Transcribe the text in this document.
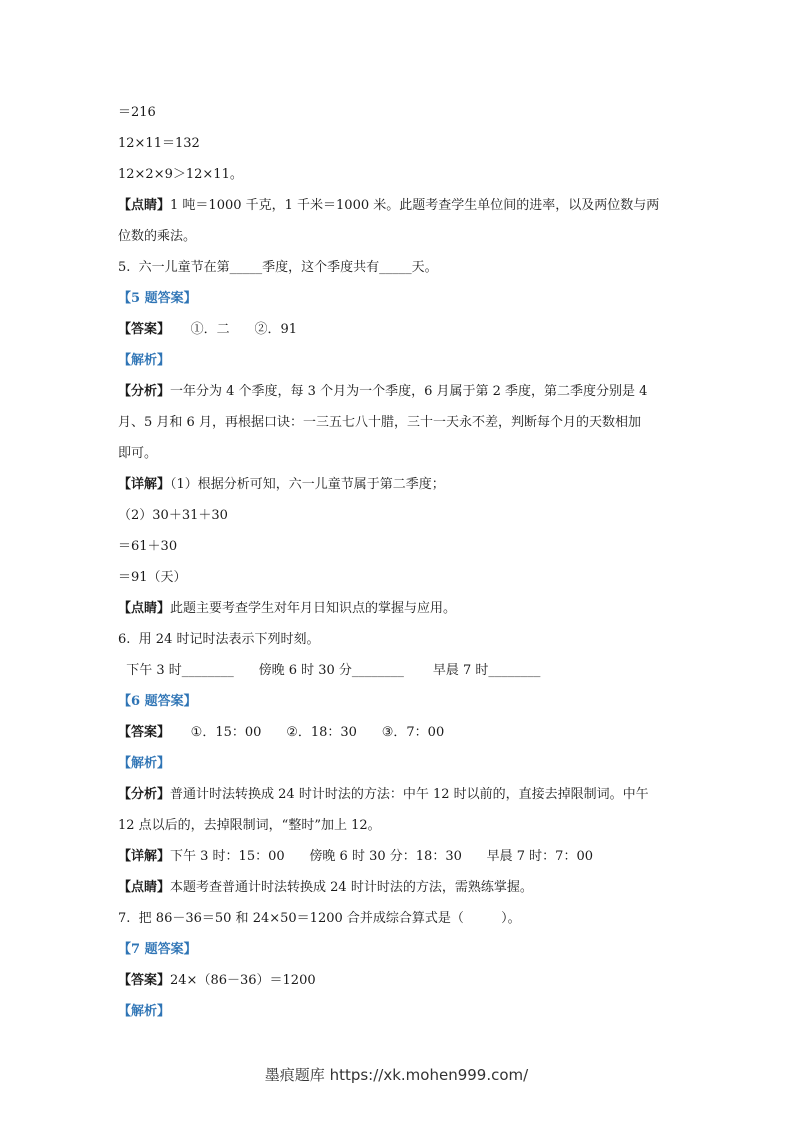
＝216
12×11＝132
12×2×9＞12×11。
【点睛】1 吨＝1000 千克，1 千米＝1000 米。此题考查学生单位间的进率，以及两位数与两
位数的乘法。
5.  六一儿童节在第_____季度，这个季度共有_____天。
【5 题答案】
【答案】     ①．二      ②．91
【解析】
【分析】一年分为 4 个季度，每 3 个月为一个季度，6 月属于第 2 季度，第二季度分别是 4
月、5 月和 6 月，再根据口诀：一三五七八十腊，三十一天永不差，判断每个月的天数相加
即可。
【详解】（1）根据分析可知，六一儿童节属于第二季度；
（2）30＋31＋30
＝61＋30
＝91（天）
【点睛】此题主要考查学生对年月日知识点的掌握与应用。
6.  用 24 时记时法表示下列时刻。
下午 3 时________      傍晚 6 时 30 分________       早晨 7 时________
【6 题答案】
【答案】     ①．15：00      ②．18：30      ③．7：00
【解析】
【分析】普通计时法转换成 24 时计时法的方法：中午 12 时以前的，直接去掉限制词。中午
12 点以后的，去掉限制词，“整时”加上 12。
【详解】下午 3 时：15：00      傍晚 6 时 30 分：18：30      早晨 7 时：7：00
【点睛】本题考查普通计时法转换成 24 时计时法的方法，需熟练掌握。
7.  把 86－36＝50 和 24×50＝1200 合并成综合算式是（         ）。
【7 题答案】
【答案】24×（86－36）＝1200
【解析】
墨痕题库 https://xk.mohen999.com/
